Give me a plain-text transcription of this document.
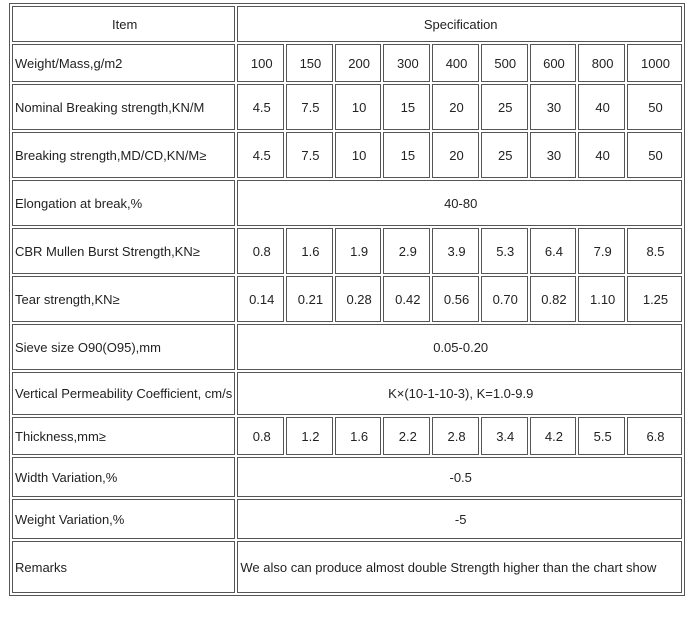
Item	Specification								
Weight/Mass,g/m2	100	150	200	300	400	500	600	800	1000
Nominal Breaking strength,KN/M	4.5	7.5	10	15	20	25	30	40	50
Breaking strength,MD/CD,KN/M≥	4.5	7.5	10	15	20	25	30	40	50
Elongation at break,%	40-80								
CBR Mullen Burst Strength,KN≥	0.8	1.6	1.9	2.9	3.9	5.3	6.4	7.9	8.5
Tear strength,KN≥	0.14	0.21	0.28	0.42	0.56	0.70	0.82	1.10	1.25
Sieve size O90(O95),mm	0.05-0.20								
Vertical Permeability Coefficient, cm/s	K×(10-1-10-3), K=1.0-9.9								
Thickness,mm≥	0.8	1.2	1.6	2.2	2.8	3.4	4.2	5.5	6.8
Width Variation,%	-0.5								
Weight Variation,%	-5								
Remarks	We also can produce almost double Strength higher than the chart show								
